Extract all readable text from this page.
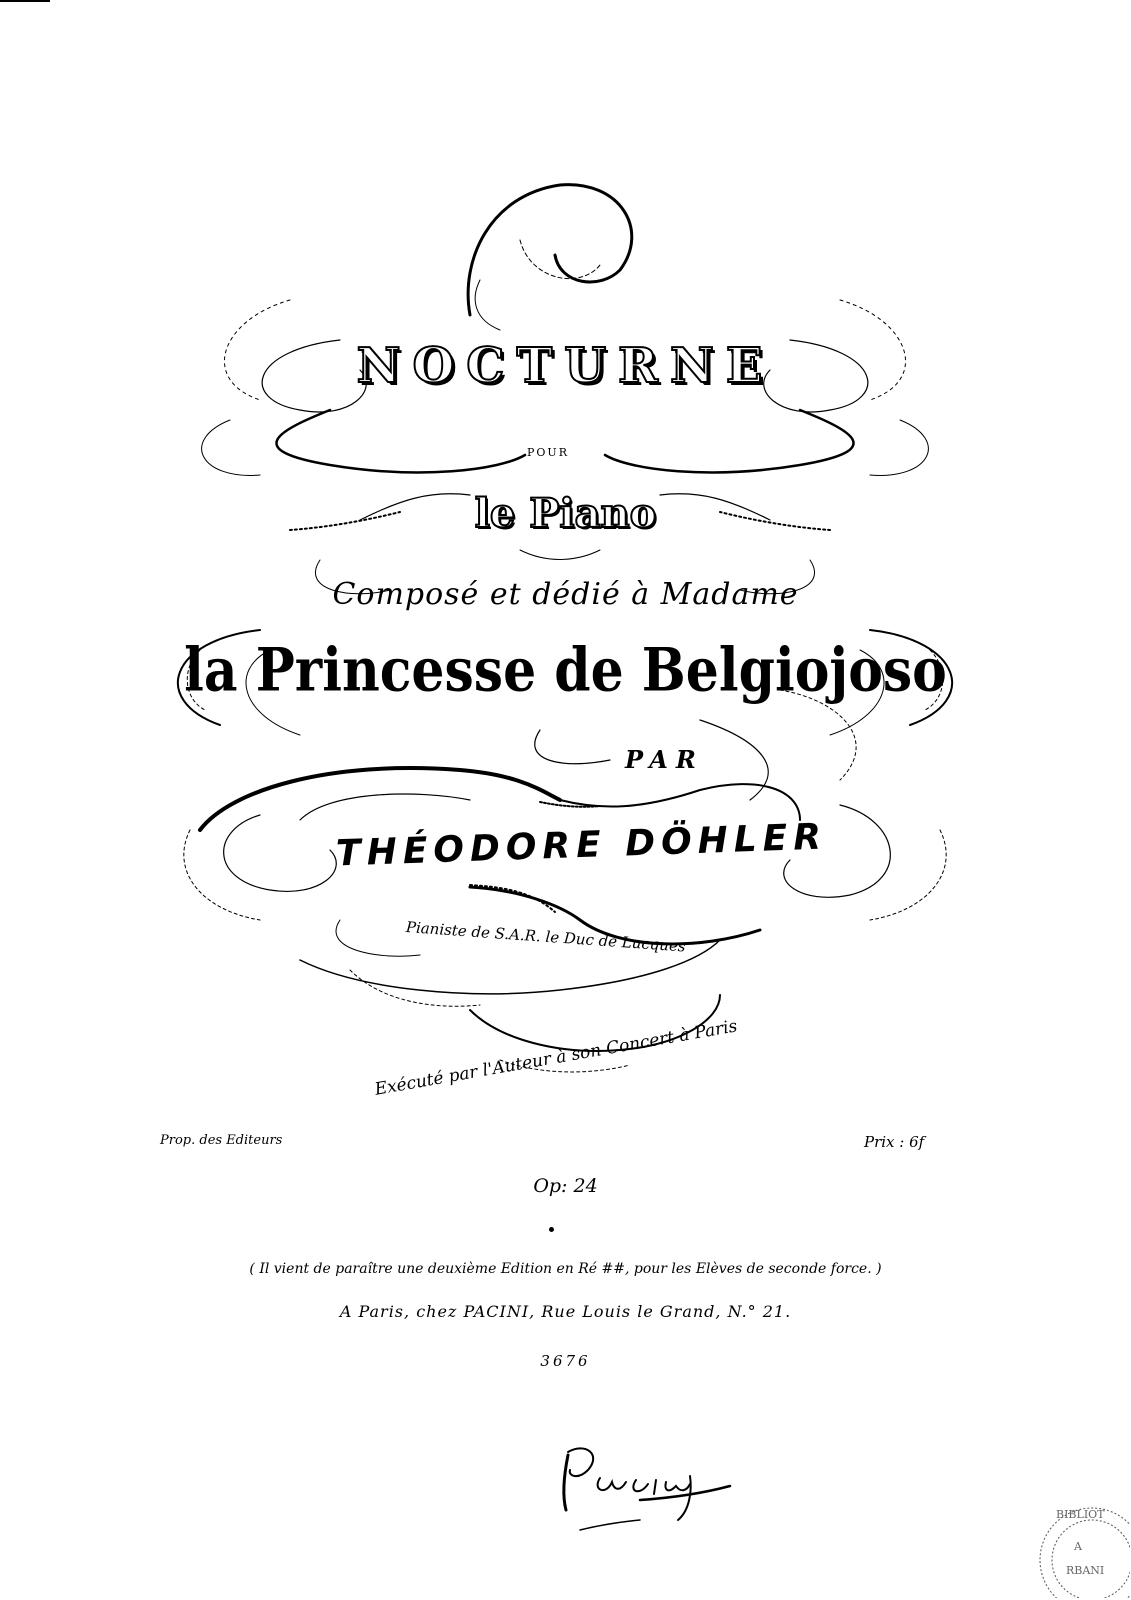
NOCTURNE
POUR
le Piano
Composé et dédié à Madame
la Princesse de Belgiojoso
PAR
THÉODORE DÖHLER
Pianiste de S.A.R. le Duc de Lucques
Exécuté par l'Auteur à son Concert à Paris
Prop. des Editeurs	Prix : 6f
Op: 24
( Il vient de paraître une deuxième Edition en Ré ##, pour les Elèves de seconde force. )
A Paris, chez PACINI, Rue Louis le Grand, N.° 21.
3676
BIBLIOT
A
RBANI
